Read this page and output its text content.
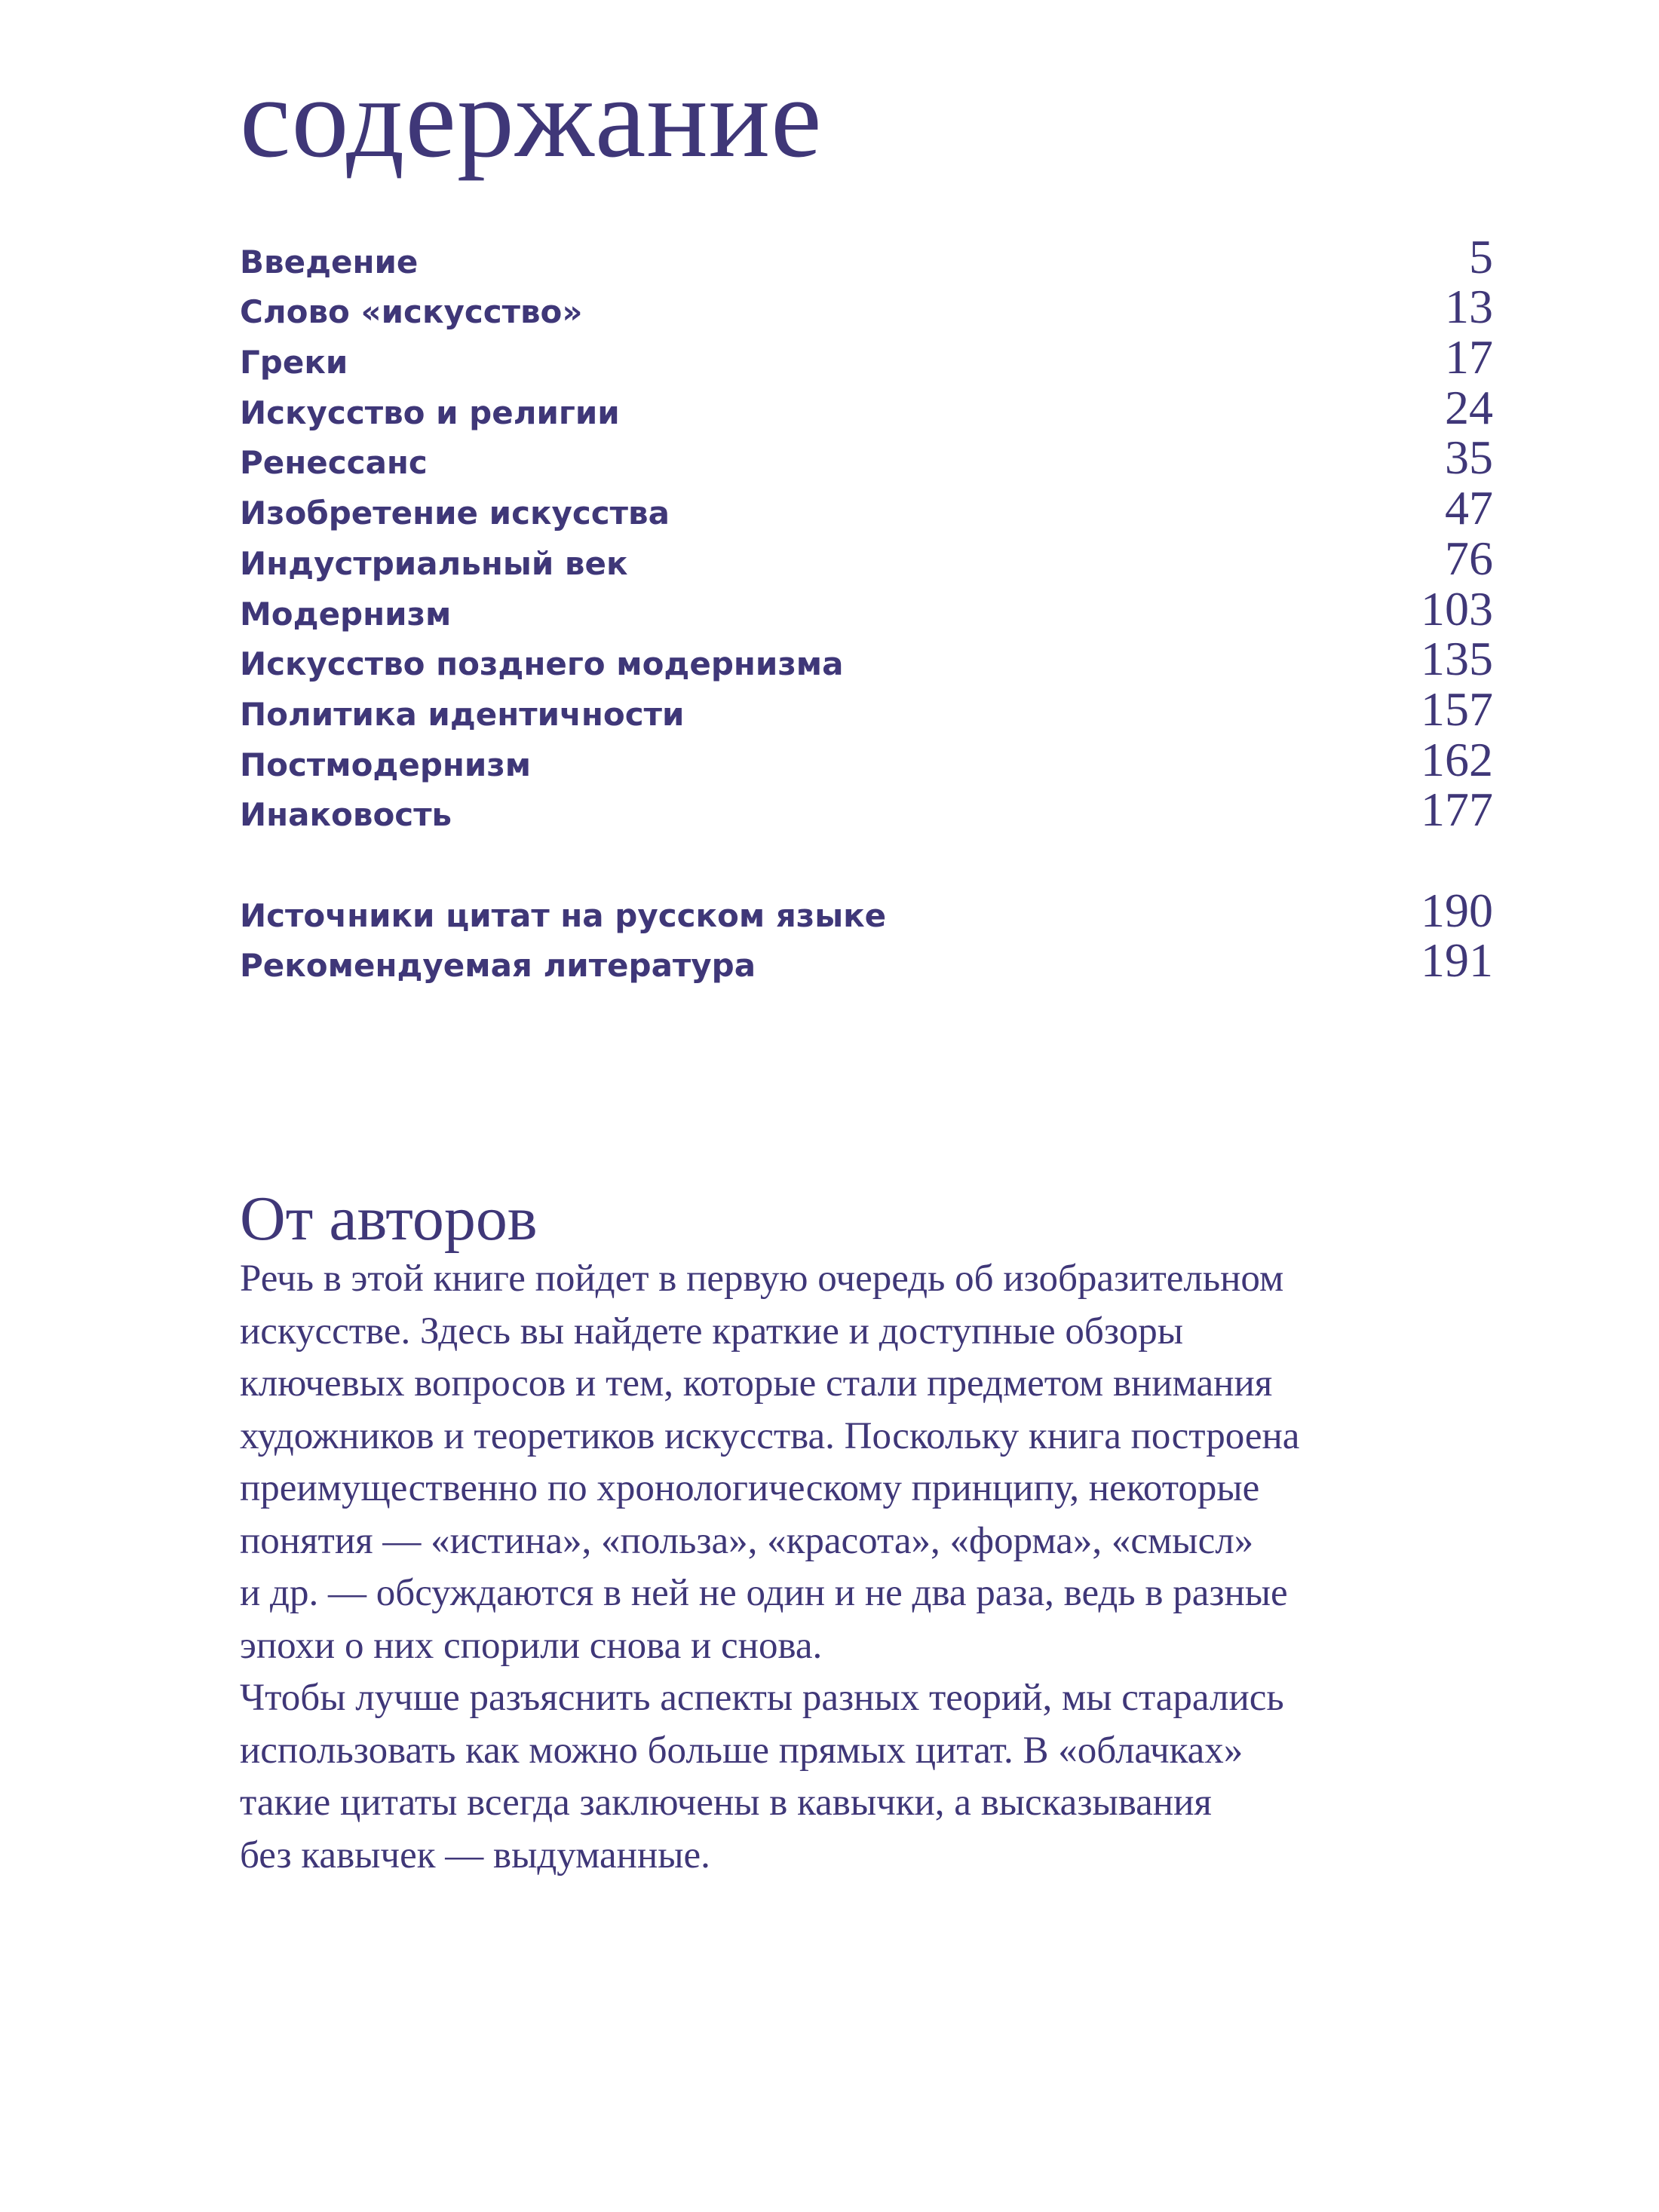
содержание
Введение	5
Слово «искусство»	13
Греки	17
Искусство и религии	24
Ренессанс	35
Изобретение искусства	47
Индустриальный век	76
Модернизм	103
Искусство позднего модернизма	135
Политика идентичности	157
Постмодернизм	162
Инаковость	177
Источники цитат на русском языке	190
Рекомендуемая литература	191
От авторов
Речь в этой книге пойдет в первую очередь об изобразительном
искусстве. Здесь вы найдете краткие и доступные обзоры
ключевых вопросов и тем, которые стали предметом внимания
художников и теоретиков искусства. Поскольку книга построена
преимущественно по хронологическому принципу, некоторые
понятия — «истина», «польза», «красота», «форма», «смысл»
и др. — обсуждаются в ней не один и не два раза, ведь в разные
эпохи о них спорили снова и снова.
Чтобы лучше разъяснить аспекты разных теорий, мы старались
использовать как можно больше прямых цитат. В «облачках»
такие цитаты всегда заключены в кавычки, а высказывания
без кавычек — выдуманные.
